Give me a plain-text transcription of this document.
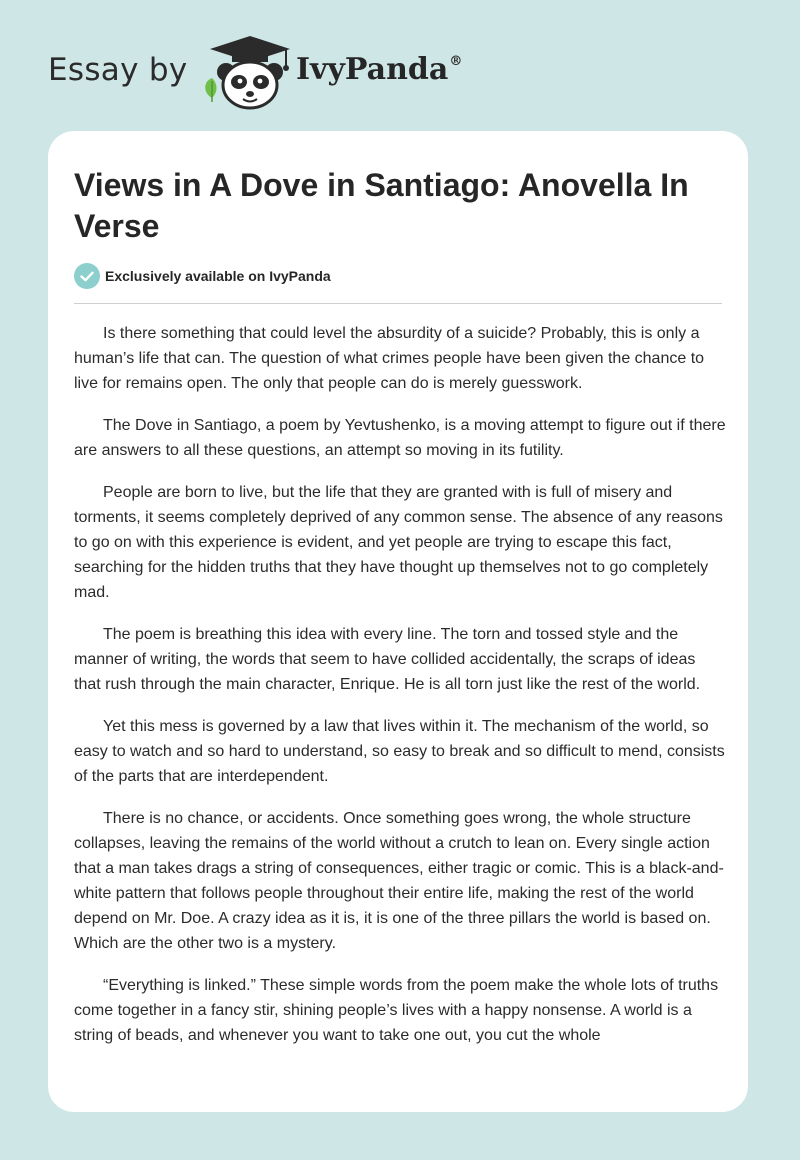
Essay by	IvyPanda®
Views in A Dove in Santiago: Anovella In Verse
Exclusively available on IvyPanda

Is there something that could level the absurdity of a suicide? Probably, this is only a human’s life that can. The question of what crimes people have been given the chance to live for remains open. The only that people can do is merely guesswork.

The Dove in Santiago, a poem by Yevtushenko, is a moving attempt to figure out if there are answers to all these questions, an attempt so moving in its futility.

People are born to live, but the life that they are granted with is full of misery and torments, it seems completely deprived of any common sense. The absence of any reasons to go on with this experience is evident, and yet people are trying to escape this fact, searching for the hidden truths that they have thought up themselves not to go completely mad.

The poem is breathing this idea with every line. The torn and tossed style and the manner of writing, the words that seem to have collided accidentally, the scraps of ideas that rush through the main character, Enrique. He is all torn just like the rest of the world.

Yet this mess is governed by a law that lives within it. The mechanism of the world, so easy to watch and so hard to understand, so easy to break and so difficult to mend, consists of the parts that are interdependent.

There is no chance, or accidents. Once something goes wrong, the whole structure collapses, leaving the remains of the world without a crutch to lean on. Every single action that a man takes drags a string of consequences, either tragic or comic. This is a black-and-white pattern that follows people throughout their entire life, making the rest of the world depend on Mr. Doe. A crazy idea as it is, it is one of the three pillars the world is based on. Which are the other two is a mystery.

“Everything is linked.” These simple words from the poem make the whole lots of truths come together in a fancy stir, shining people’s lives with a happy nonsense. A world is a string of beads, and whenever you want to take one out, you cut the whole
